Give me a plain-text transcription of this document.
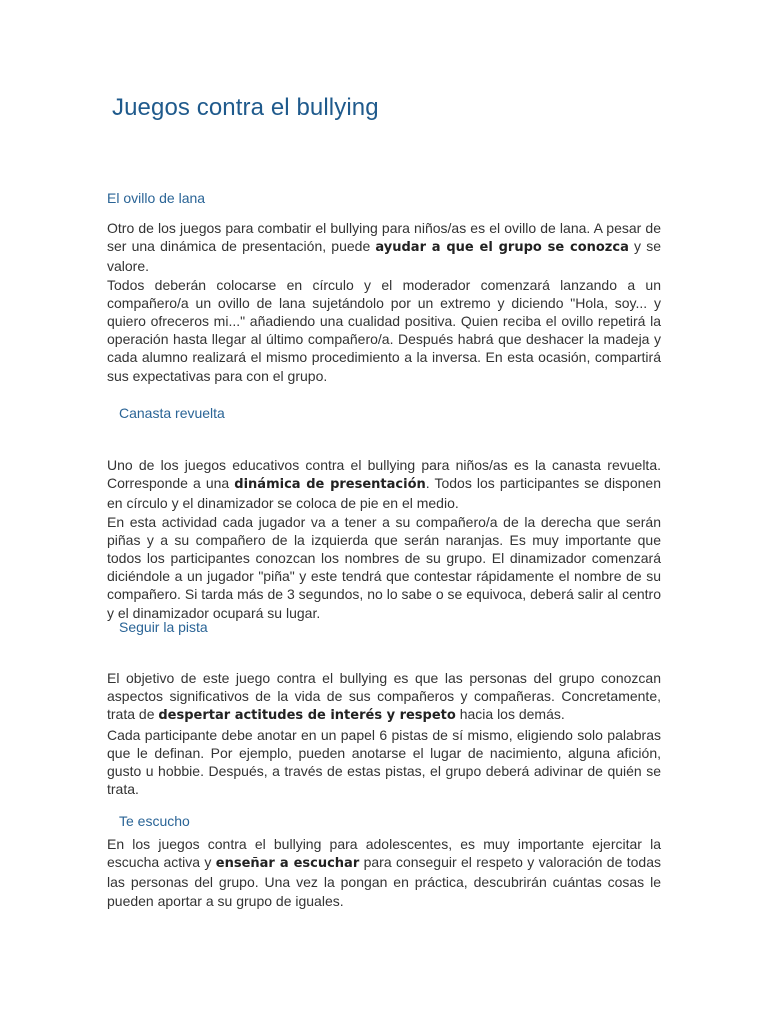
Juegos contra el bullying
El ovillo de lana

Otro de los juegos para combatir el bullying para niños/as es el ovillo de lana. A pesar de ser una dinámica de presentación, puede ayudar a que el grupo se conozca y se valore.
Todos deberán colocarse en círculo y el moderador comenzará lanzando a un compañero/a un ovillo de lana sujetándolo por un extremo y diciendo "Hola, soy... y quiero ofreceros mi..." añadiendo una cualidad positiva. Quien reciba el ovillo repetirá la operación hasta llegar al último compañero/a. Después habrá que deshacer la madeja y cada alumno realizará el mismo procedimiento a la inversa. En esta ocasión, compartirá sus expectativas para con el grupo.

Canasta revuelta

Uno de los juegos educativos contra el bullying para niños/as es la canasta revuelta. Corresponde a una dinámica de presentación. Todos los participantes se disponen en círculo y el dinamizador se coloca de pie en el medio.
En esta actividad cada jugador va a tener a su compañero/a de la derecha que serán piñas y a su compañero de la izquierda que serán naranjas. Es muy importante que todos los participantes conozcan los nombres de su grupo. El dinamizador comenzará diciéndole a un jugador "piña" y este tendrá que contestar rápidamente el nombre de su compañero. Si tarda más de 3 segundos, no lo sabe o se equivoca, deberá salir al centro y el dinamizador ocupará su lugar.

Seguir la pista

El objetivo de este juego contra el bullying es que las personas del grupo conozcan aspectos significativos de la vida de sus compañeros y compañeras. Concretamente, trata de despertar actitudes de interés y respeto hacia los demás.
Cada participante debe anotar en un papel 6 pistas de sí mismo, eligiendo solo palabras que le definan. Por ejemplo, pueden anotarse el lugar de nacimiento, alguna afición, gusto u hobbie. Después, a través de estas pistas, el grupo deberá adivinar de quién se trata.

Te escucho

En los juegos contra el bullying para adolescentes, es muy importante ejercitar la escucha activa y enseñar a escuchar para conseguir el respeto y valoración de todas las personas del grupo. Una vez la pongan en práctica, descubrirán cuántas cosas le pueden aportar a su grupo de iguales.
